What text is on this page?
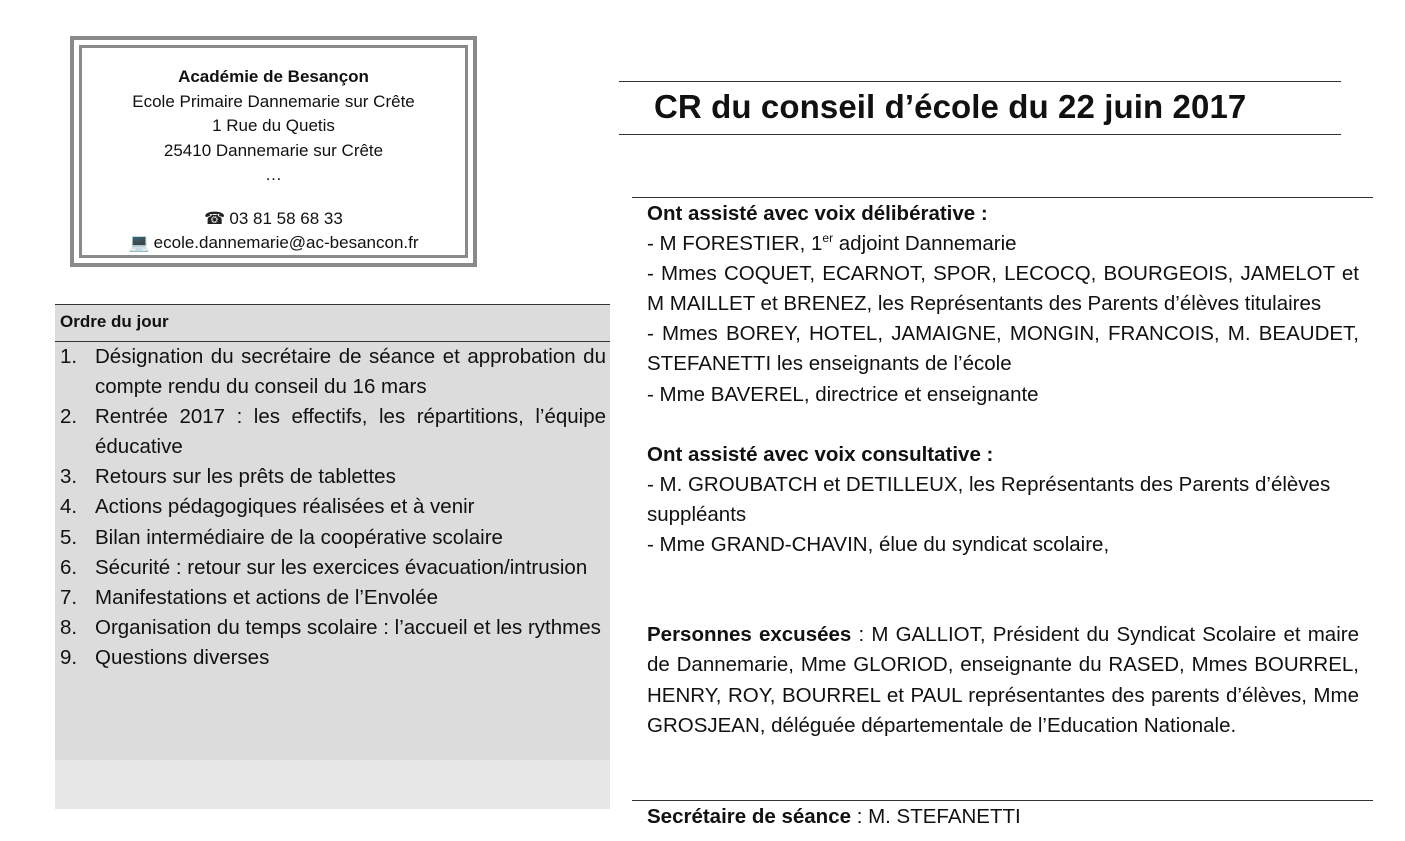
Académie de Besançon
Ecole Primaire Dannemarie sur Crête
1 Rue du Quetis
25410 Dannemarie sur Crête
…
☎ 03 81 58 68 33
💻 ecole.dannemarie@ac-besancon.fr
CR du conseil d’école du 22 juin 2017
Ordre du jour
1. Désignation du secrétaire de séance et approbation du compte rendu du conseil du 16 mars
2. Rentrée 2017 : les effectifs, les répartitions, l’équipe éducative
3. Retours sur les prêts de tablettes
4. Actions pédagogiques réalisées et à venir
5. Bilan intermédiaire de la coopérative scolaire
6. Sécurité : retour sur les exercices évacuation/intrusion
7. Manifestations et actions de l’Envolée
8. Organisation du temps scolaire : l’accueil et les rythmes
9. Questions diverses
Ont assisté avec voix délibérative :
- M FORESTIER, 1er adjoint Dannemarie
- Mmes COQUET, ECARNOT, SPOR, LECOCQ, BOURGEOIS, JAMELOT et M MAILLET et BRENEZ, les Représentants des Parents d’élèves titulaires
- Mmes BOREY, HOTEL, JAMAIGNE, MONGIN, FRANCOIS, M. BEAUDET, STEFANETTI les enseignants de l’école
- Mme BAVEREL, directrice et enseignante
Ont assisté avec voix consultative :
- M. GROUBATCH et DETILLEUX, les Représentants des Parents d’élèves suppléants
- Mme GRAND-CHAVIN, élue du syndicat scolaire,
Personnes excusées : M GALLIOT, Président du Syndicat Scolaire et maire de Dannemarie, Mme GLORIOD, enseignante du RASED, Mmes BOURREL, HENRY, ROY, BOURREL et PAUL représentantes des parents d’élèves, Mme GROSJEAN, déléguée départementale de l’Education Nationale.
Secrétaire de séance : M. STEFANETTI
